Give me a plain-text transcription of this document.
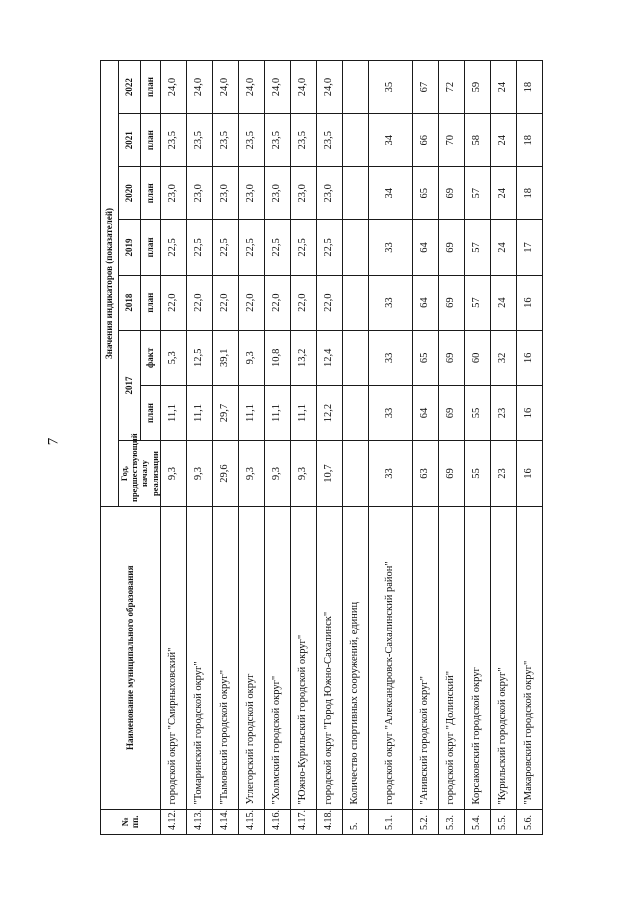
7
№ пп.	Наименование муниципального образования	Значения индикаторов (показателей)							
		Год, предшествующий началу реализации	2017		2018	2019	2020	2021	2022
			план	факт	план	план	план	план	план
4.12.	городской округ "Смирныховский"	9,3	11,1	5,3	22,0	22,5	23,0	23,5	24,0
4.13.	"Томаринский городской округ"	9,3	11,1	12,5	22,0	22,5	23,0	23,5	24,0
4.14.	"Тымовский городской округ"	29,6	29,7	39,1	22,0	22,5	23,0	23,5	24,0
4.15.	Углегорский городской округ	9,3	11,1	9,3	22,0	22,5	23,0	23,5	24,0
4.16.	"Холмский городской округ"	9,3	11,1	10,8	22,0	22,5	23,0	23,5	24,0
4.17.	"Южно-Курильский городской округ"	9,3	11,1	13,2	22,0	22,5	23,0	23,5	24,0
4.18.	городской округ "Город Южно-Сахалинск"	10,7	12,2	12,4	22,0	22,5	23,0	23,5	24,0
5.	Количество спортивных сооружений, единиц								
5.1.	городской округ "Александровск-Сахалинский район"	33	33	33	33	33	34	34	35
5.2.	"Анивский городской округ"	63	64	65	64	64	65	66	67
5.3.	городской округ "Долинский"	69	69	69	69	69	69	70	72
5.4.	Корсаковский городской округ	55	55	60	57	57	57	58	59
5.5.	"Курильский городской округ"	23	23	32	24	24	24	24	24
5.6.	"Макаровский городской округ"	16	16	16	16	17	18	18	18
